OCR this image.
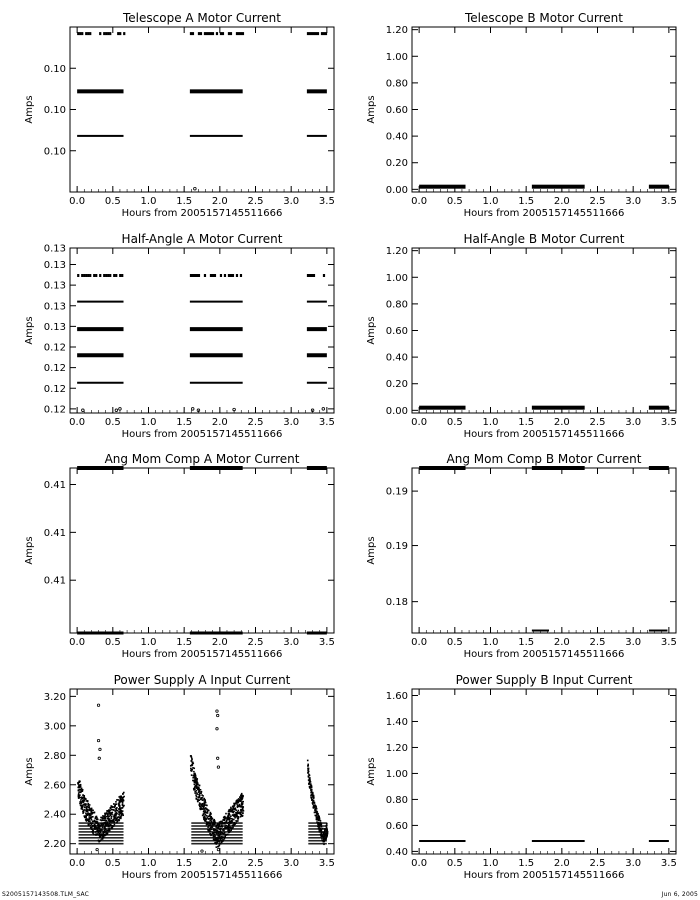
Telescope A Motor Current
0.0 0.5 1.0 1.5 2.0 2.5 3.0 3.5
0.10
0.10
0.10
Hours from 2005157145511666
Amps
Telescope B Motor Current
0.0 0.5 1.0 1.5 2.0 2.5 3.0 3.5
0.00
0.20
0.40
0.60
0.80
1.00
1.20
Hours from 2005157145511666
Amps
Half-Angle A Motor Current
0.0 0.5 1.0 1.5 2.0 2.5 3.0 3.5
0.12
0.12
0.12
0.12
0.13
0.13
0.13
0.13
0.13
Hours from 2005157145511666
Amps
Half-Angle B Motor Current
0.0 0.5 1.0 1.5 2.0 2.5 3.0 3.5
0.00
0.20
0.40
0.60
0.80
1.00
1.20
Hours from 2005157145511666
Amps
Ang Mom Comp A Motor Current
0.0 0.5 1.0 1.5 2.0 2.5 3.0 3.5
0.41
0.41
0.41
Hours from 2005157145511666
Amps
Ang Mom Comp B Motor Current
0.0 0.5 1.0 1.5 2.0 2.5 3.0 3.5
0.18
0.19
0.19
Hours from 2005157145511666
Amps
Power Supply A Input Current
0.0 0.5 1.0 1.5 2.0 2.5 3.0 3.5
2.20
2.40
2.60
2.80
3.00
3.20
Hours from 2005157145511666
Amps
Power Supply B Input Current
0.0 0.5 1.0 1.5 2.0 2.5 3.0 3.5
0.40
0.60
0.80
1.00
1.20
1.40
1.60
Hours from 2005157145511666
Amps
S2005157143508.TLM_SAC	Jun 6, 2005
